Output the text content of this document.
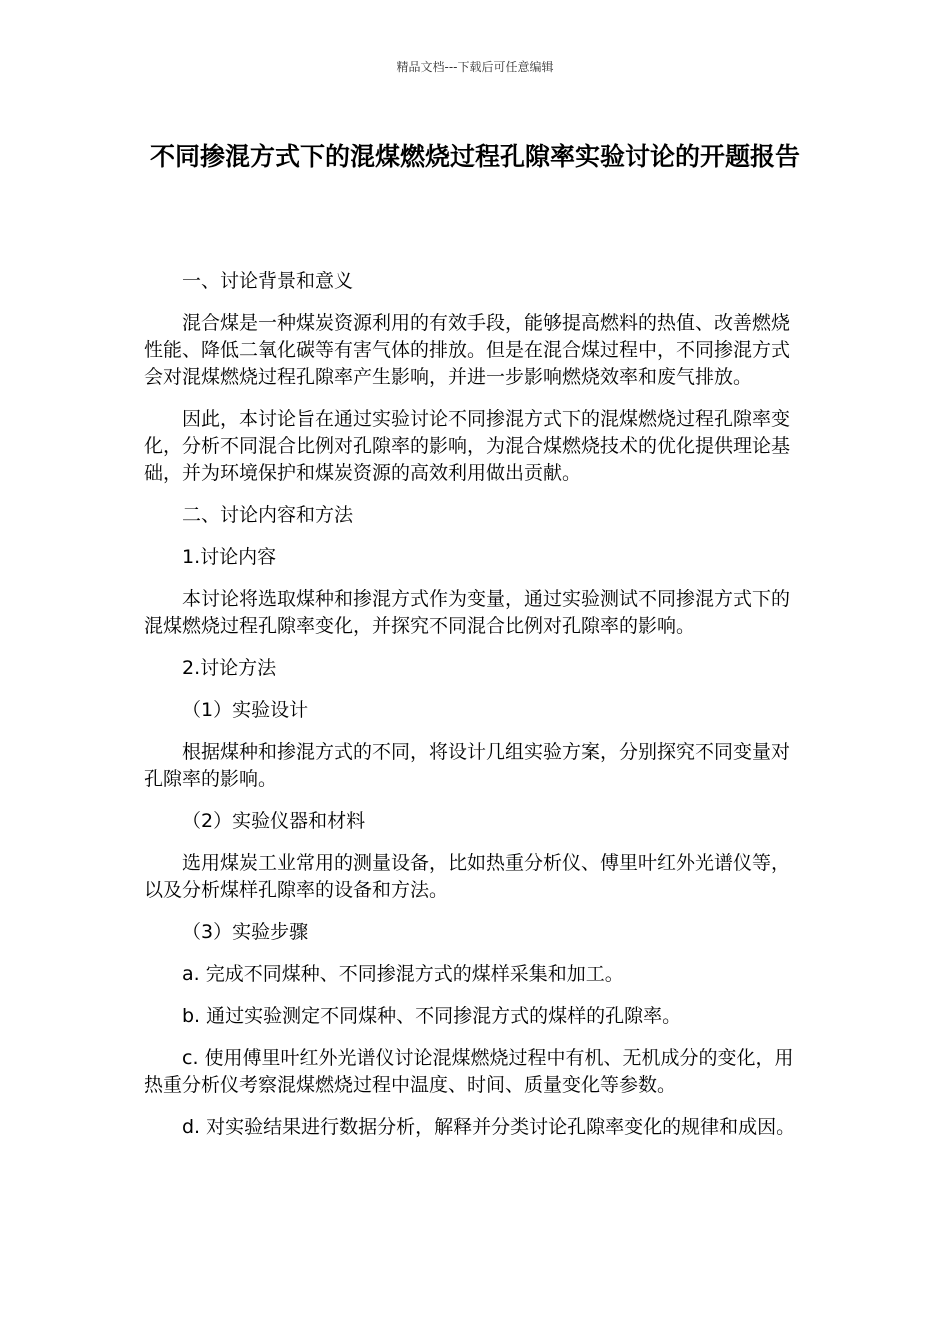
精品文档---下载后可任意编辑
不同掺混方式下的混煤燃烧过程孔隙率实验讨论的开题报告

一、讨论背景和意义

混合煤是一种煤炭资源利用的有效手段，能够提高燃料的热值、改善燃烧性能、降低二氧化碳等有害气体的排放。但是在混合煤过程中，不同掺混方式会对混煤燃烧过程孔隙率产生影响，并进一步影响燃烧效率和废气排放。

因此，本讨论旨在通过实验讨论不同掺混方式下的混煤燃烧过程孔隙率变化，分析不同混合比例对孔隙率的影响，为混合煤燃烧技术的优化提供理论基础，并为环境保护和煤炭资源的高效利用做出贡献。

二、讨论内容和方法

1.讨论内容

本讨论将选取煤种和掺混方式作为变量，通过实验测试不同掺混方式下的混煤燃烧过程孔隙率变化，并探究不同混合比例对孔隙率的影响。

2.讨论方法

（1）实验设计

根据煤种和掺混方式的不同，将设计几组实验方案，分别探究不同变量对孔隙率的影响。

（2）实验仪器和材料

选用煤炭工业常用的测量设备，比如热重分析仪、傅里叶红外光谱仪等，以及分析煤样孔隙率的设备和方法。

（3）实验步骤

a. 完成不同煤种、不同掺混方式的煤样采集和加工。

b. 通过实验测定不同煤种、不同掺混方式的煤样的孔隙率。

c. 使用傅里叶红外光谱仪讨论混煤燃烧过程中有机、无机成分的变化，用热重分析仪考察混煤燃烧过程中温度、时间、质量变化等参数。

d. 对实验结果进行数据分析，解释并分类讨论孔隙率变化的规律和成因。
